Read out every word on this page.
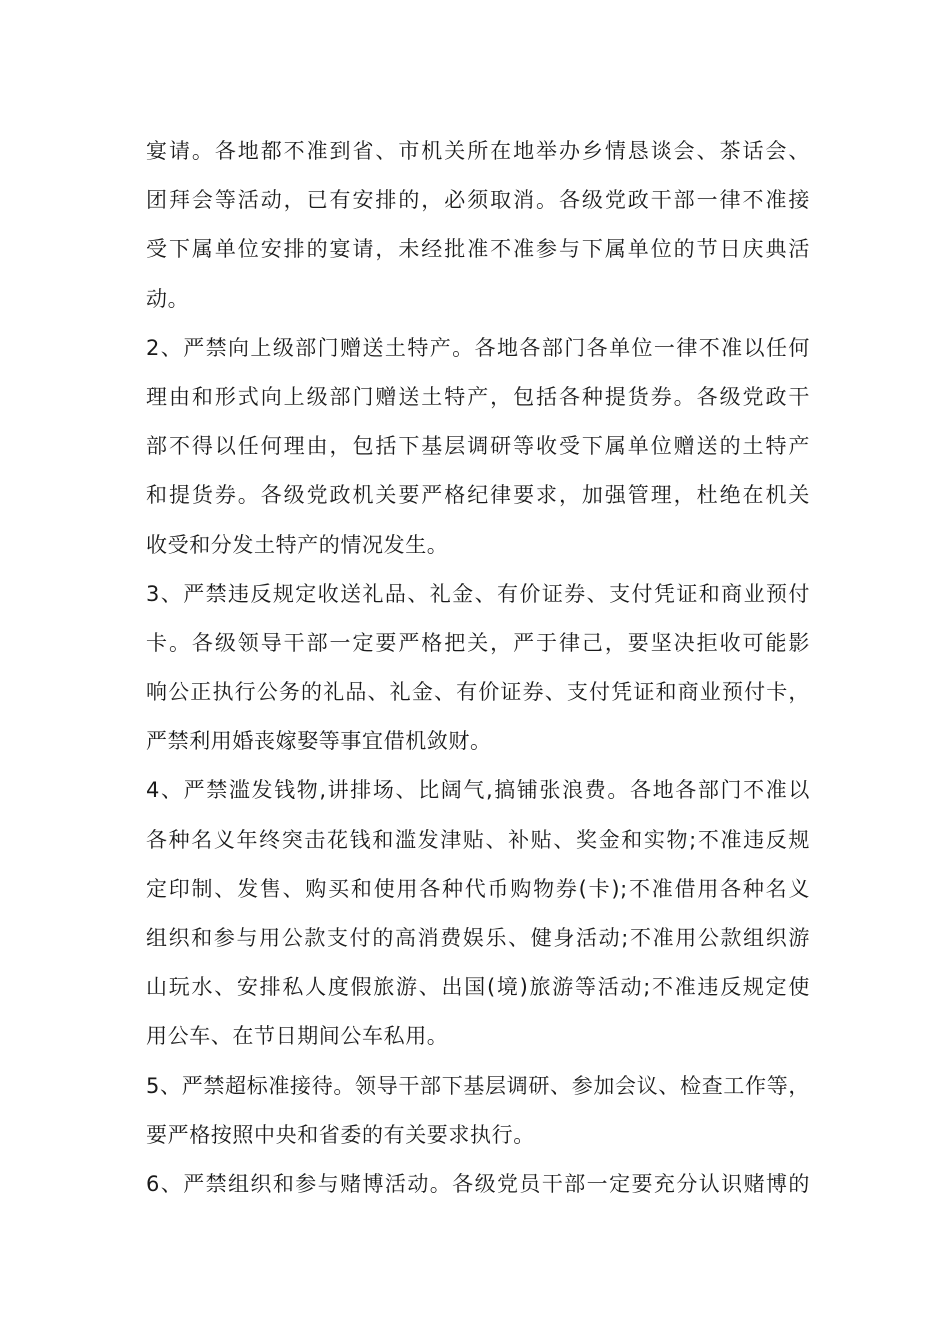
宴请。各地都不准到省、市机关所在地举办乡情恳谈会、茶话会、
团拜会等活动，已有安排的，必须取消。各级党政干部一律不准接
受下属单位安排的宴请，未经批准不准参与下属单位的节日庆典活
动。
2、严禁向上级部门赠送土特产。各地各部门各单位一律不准以任何
理由和形式向上级部门赠送土特产，包括各种提货券。各级党政干
部不得以任何理由，包括下基层调研等收受下属单位赠送的土特产
和提货券。各级党政机关要严格纪律要求，加强管理，杜绝在机关
收受和分发土特产的情况发生。
3、严禁违反规定收送礼品、礼金、有价证券、支付凭证和商业预付
卡。各级领导干部一定要严格把关，严于律己，要坚决拒收可能影
响公正执行公务的礼品、礼金、有价证券、支付凭证和商业预付卡，
严禁利用婚丧嫁娶等事宜借机敛财。
4、严禁滥发钱物,讲排场、比阔气,搞铺张浪费。各地各部门不准以
各种名义年终突击花钱和滥发津贴、补贴、奖金和实物;不准违反规
定印制、发售、购买和使用各种代币购物券(卡);不准借用各种名义
组织和参与用公款支付的高消费娱乐、健身活动;不准用公款组织游
山玩水、安排私人度假旅游、出国(境)旅游等活动;不准违反规定使
用公车、在节日期间公车私用。
5、严禁超标准接待。领导干部下基层调研、参加会议、检查工作等，
要严格按照中央和省委的有关要求执行。
6、严禁组织和参与赌博活动。各级党员干部一定要充分认识赌博的
